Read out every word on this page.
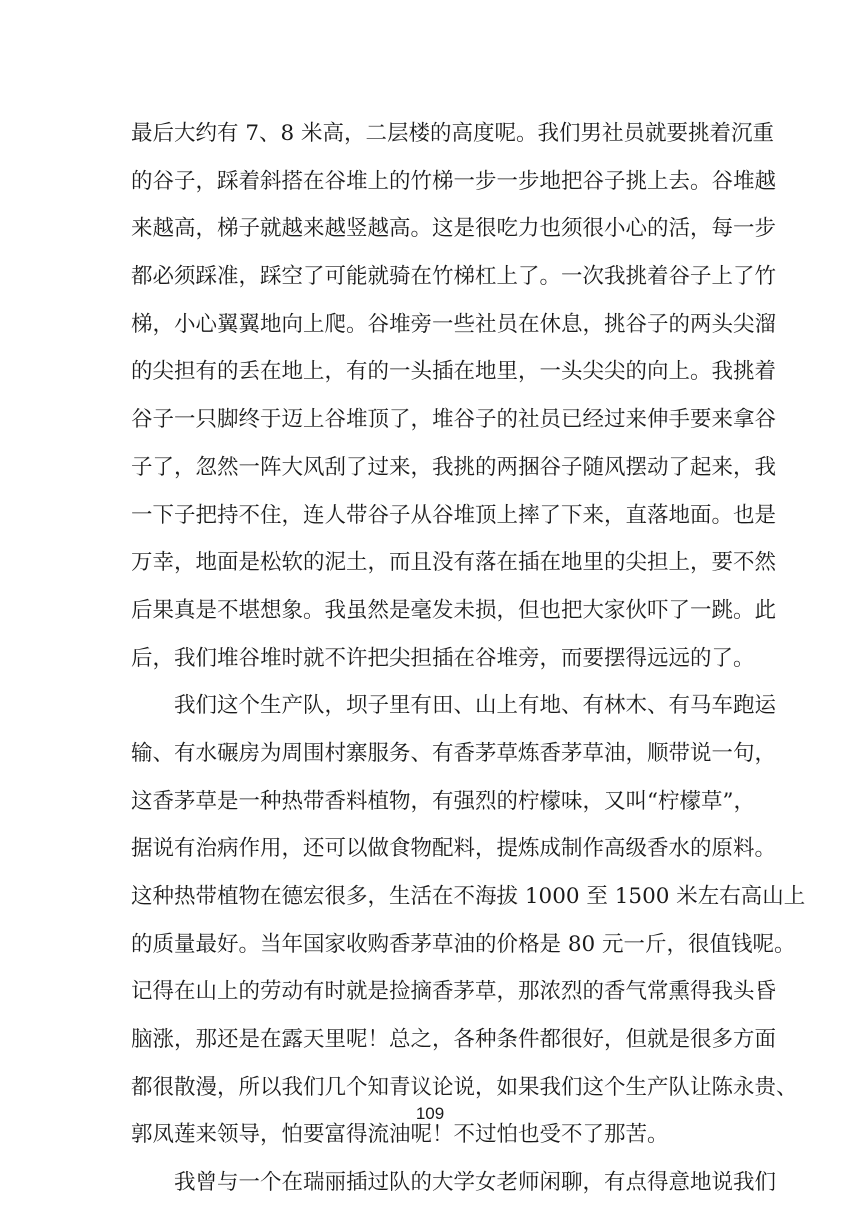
最后大约有 7、8 米高，二层楼的高度呢。我们男社员就要挑着沉重
的谷子，踩着斜搭在谷堆上的竹梯一步一步地把谷子挑上去。谷堆越
来越高，梯子就越来越竖越高。这是很吃力也须很小心的活，每一步
都必须踩准，踩空了可能就骑在竹梯杠上了。一次我挑着谷子上了竹
梯，小心翼翼地向上爬。谷堆旁一些社员在休息，挑谷子的两头尖溜
的尖担有的丢在地上，有的一头插在地里，一头尖尖的向上。我挑着
谷子一只脚终于迈上谷堆顶了，堆谷子的社员已经过来伸手要来拿谷
子了，忽然一阵大风刮了过来，我挑的两捆谷子随风摆动了起来，我
一下子把持不住，连人带谷子从谷堆顶上摔了下来，直落地面。也是
万幸，地面是松软的泥土，而且没有落在插在地里的尖担上，要不然
后果真是不堪想象。我虽然是毫发未损，但也把大家伙吓了一跳。此
后，我们堆谷堆时就不许把尖担插在谷堆旁，而要摆得远远的了。
我们这个生产队，坝子里有田、山上有地、有林木、有马车跑运
输、有水碾房为周围村寨服务、有香茅草炼香茅草油，顺带说一句，
这香茅草是一种热带香料植物，有强烈的柠檬味，又叫“柠檬草”，
据说有治病作用，还可以做食物配料，提炼成制作高级香水的原料。
这种热带植物在德宏很多，生活在不海拔 1000 至 1500 米左右高山上
的质量最好。当年国家收购香茅草油的价格是 80 元一斤，很值钱呢。
记得在山上的劳动有时就是捡摘香茅草，那浓烈的香气常熏得我头昏
脑涨，那还是在露天里呢！总之，各种条件都很好，但就是很多方面
都很散漫，所以我们几个知青议论说，如果我们这个生产队让陈永贵、
郭凤莲来领导，怕要富得流油呢！不过怕也受不了那苦。
我曾与一个在瑞丽插过队的大学女老师闲聊，有点得意地说我们
109
